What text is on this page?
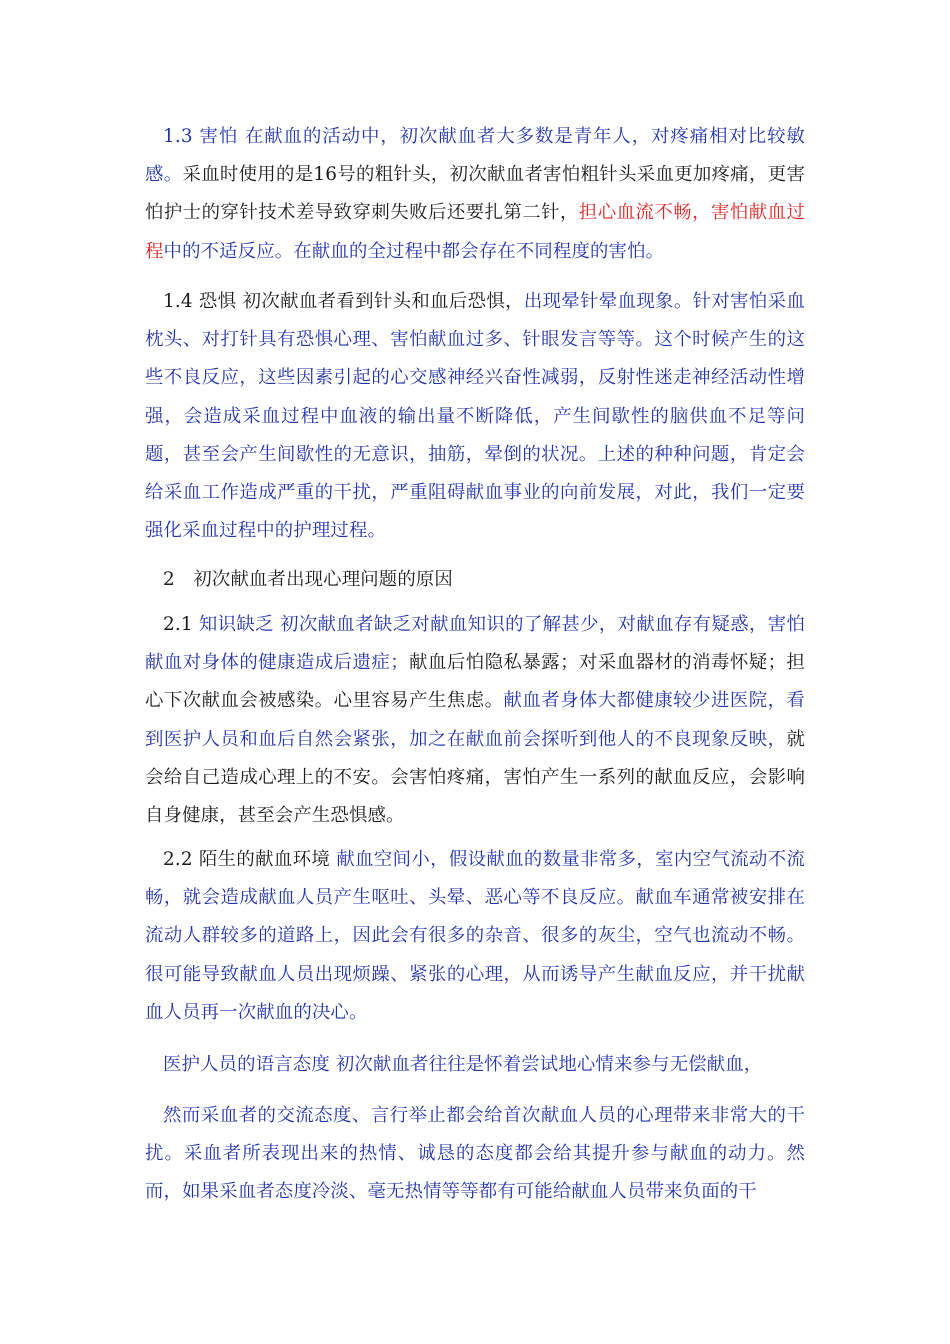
1.3 害怕 在献血的活动中，初次献血者大多数是青年人，对疼痛相对比较敏感。采血时使用的是16号的粗针头，初次献血者害怕粗针头采血更加疼痛，更害怕护士的穿针技术差导致穿刺失败后还要扎第二针，担心血流不畅，害怕献血过程中的不适反应。在献血的全过程中都会存在不同程度的害怕。

1.4 恐惧 初次献血者看到针头和血后恐惧，出现晕针晕血现象。针对害怕采血枕头、对打针具有恐惧心理、害怕献血过多、针眼发言等等。这个时候产生的这些不良反应，这些因素引起的心交感神经兴奋性减弱，反射性迷走神经活动性增强，会造成采血过程中血液的输出量不断降低，产生间歇性的脑供血不足等问题，甚至会产生间歇性的无意识，抽筋，晕倒的状况。上述的种种问题，肯定会给采血工作造成严重的干扰，严重阻碍献血事业的向前发展，对此，我们一定要强化采血过程中的护理过程。

2　初次献血者出现心理问题的原因

2.1 知识缺乏 初次献血者缺乏对献血知识的了解甚少，对献血存有疑惑，害怕献血对身体的健康造成后遗症；献血后怕隐私暴露；对采血器材的消毒怀疑；担心下次献血会被感染。心里容易产生焦虑。献血者身体大都健康较少进医院，看到医护人员和血后自然会紧张，加之在献血前会探听到他人的不良现象反映，就会给自己造成心理上的不安。会害怕疼痛，害怕产生一系列的献血反应，会影响自身健康，甚至会产生恐惧感。

2.2 陌生的献血环境 献血空间小，假设献血的数量非常多，室内空气流动不流畅，就会造成献血人员产生呕吐、头晕、恶心等不良反应。献血车通常被安排在流动人群较多的道路上，因此会有很多的杂音、很多的灰尘，空气也流动不畅。很可能导致献血人员出现烦躁、紧张的心理，从而诱导产生献血反应，并干扰献血人员再一次献血的决心。

医护人员的语言态度 初次献血者往往是怀着尝试地心情来参与无偿献血，

然而采血者的交流态度、言行举止都会给首次献血人员的心理带来非常大的干扰。采血者所表现出来的热情、诚恳的态度都会给其提升参与献血的动力。然而，如果采血者态度冷淡、毫无热情等等都有可能给献血人员带来负面的干
